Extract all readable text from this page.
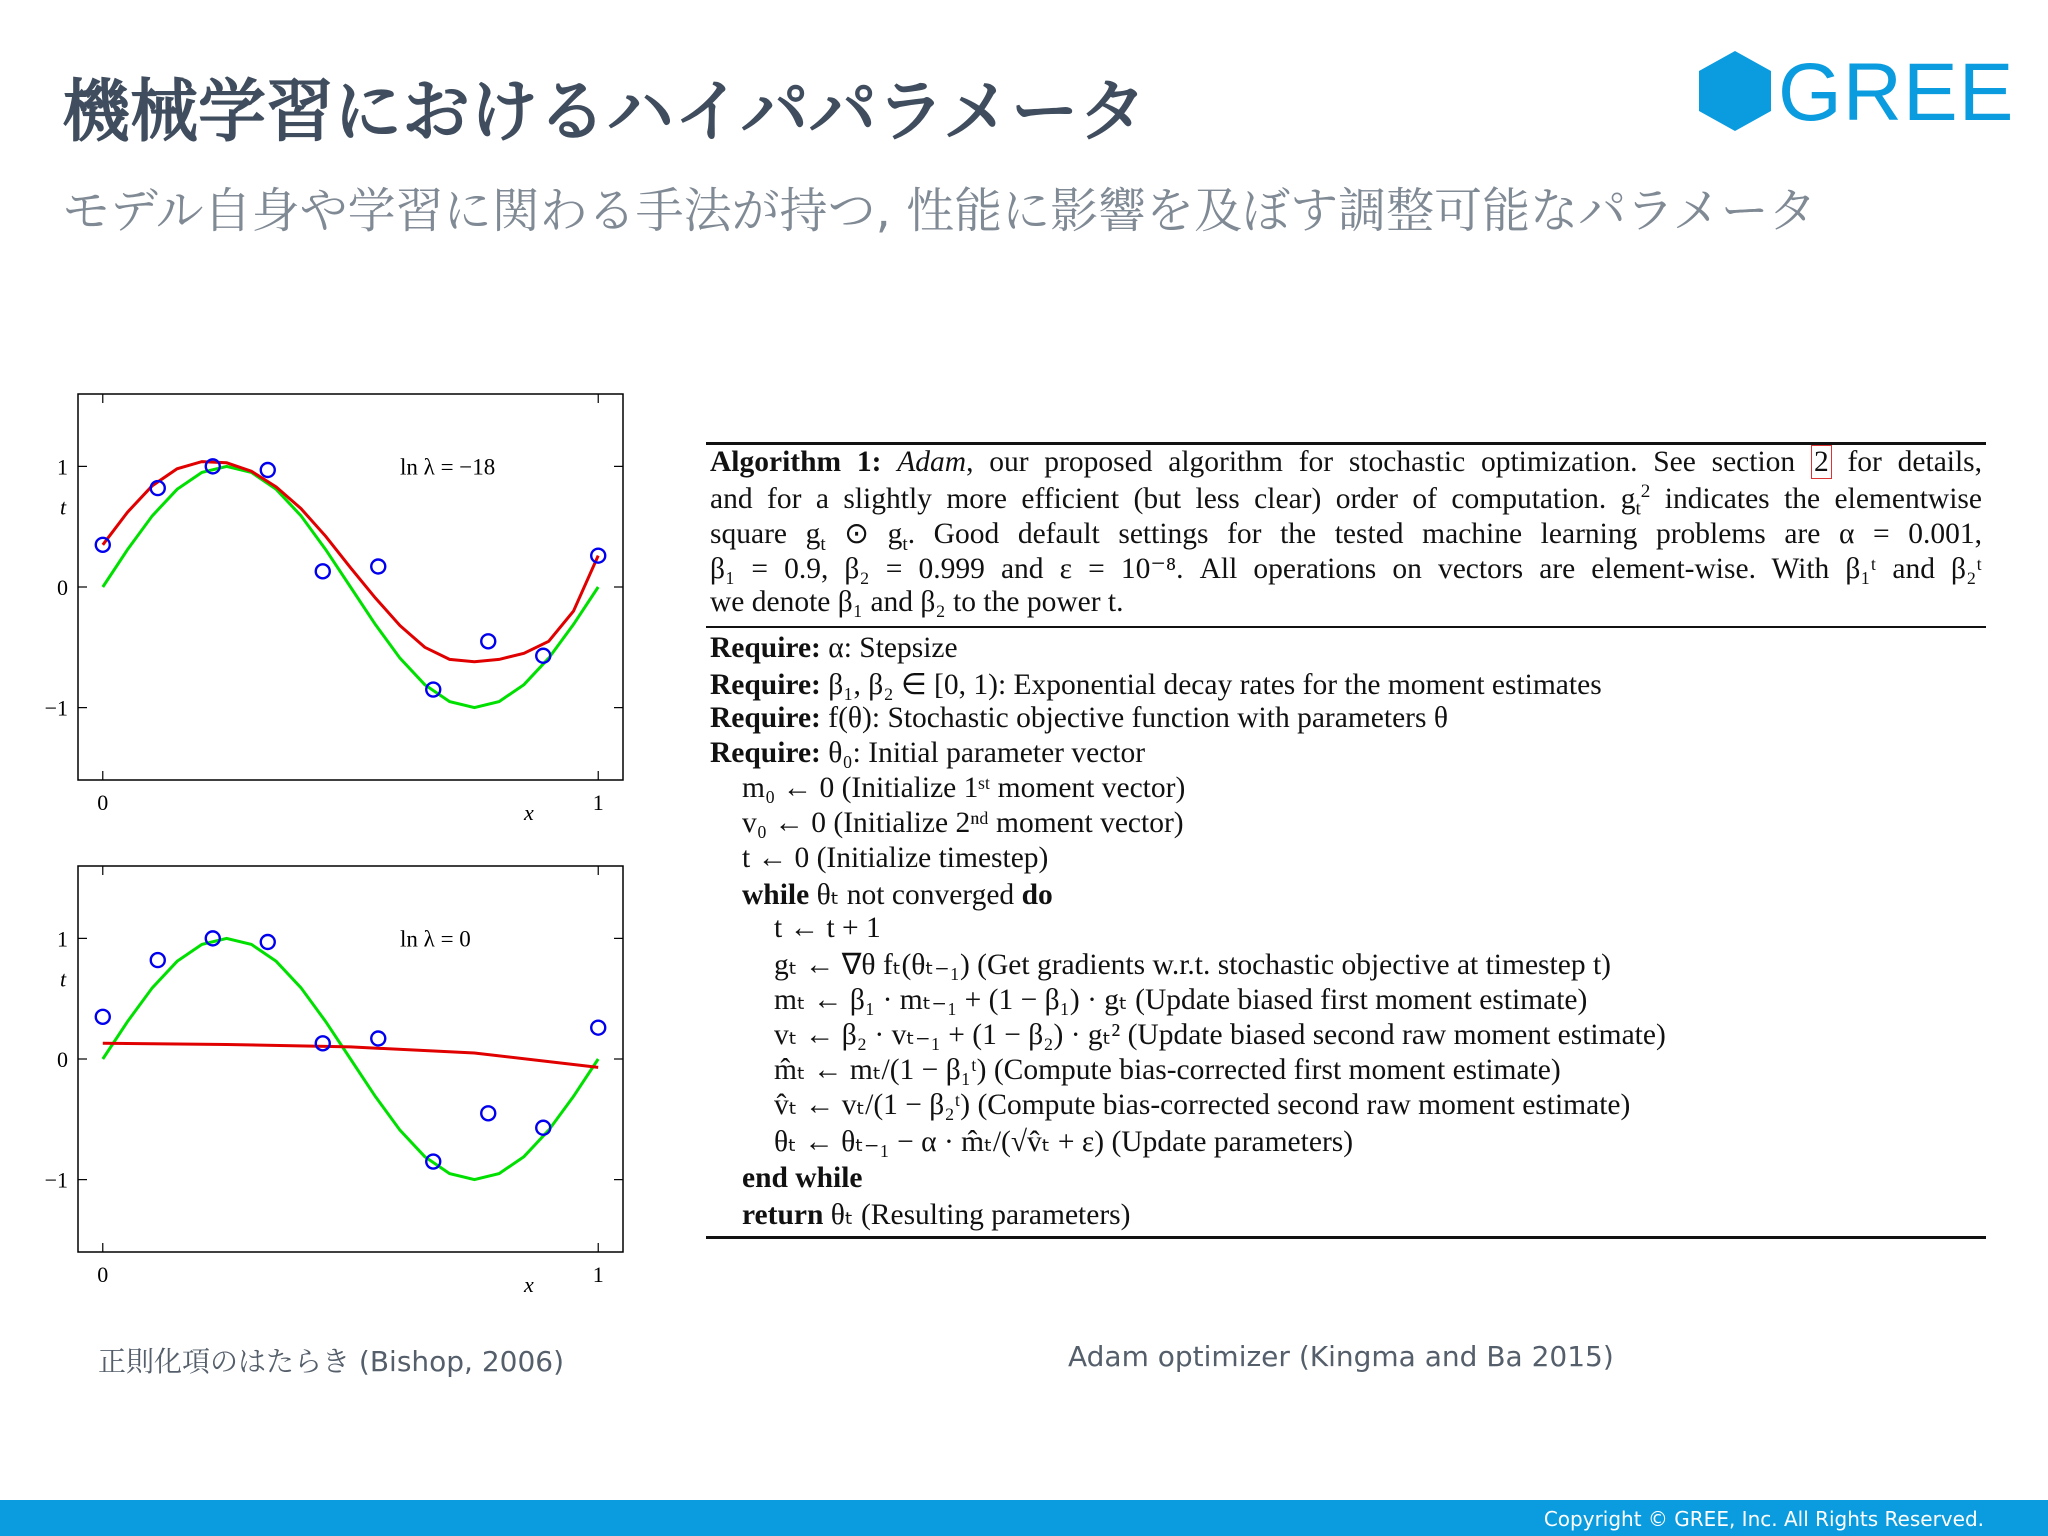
機械学習におけるハイパパラメータ
モデル自身や学習に関わる手法が持つ, 性能に影響を及ぼす調整可能なパラメータ
GREE
1
0
−1
0	1
x
t
ln λ = −18
1
0
−1
0	1
x
t
ln λ = 0
Algorithm 1: Adam, our proposed algorithm for stochastic optimization. See section 2 for details,
and for a slightly more efficient (but less clear) order of computation. $g_t^2$ indicates the elementwise
square $g_t$ ⊙ $g_t$. Good default settings for the tested machine learning problems are α = 0.001,
β₁ = 0.9, β₂ = 0.999 and ε = 10⁻⁸. All operations on vectors are element-wise. With β₁ᵗ and β₂ᵗ
we denote β₁ and β₂ to the power t.
Require: α: Stepsize
Require: β₁, β₂ ∈ [0, 1): Exponential decay rates for the moment estimates
Require: f(θ): Stochastic objective function with parameters θ
Require: θ₀: Initial parameter vector
m₀ ← 0 (Initialize 1ˢᵗ moment vector)
v₀ ← 0 (Initialize 2ⁿᵈ moment vector)
t ← 0 (Initialize timestep)
while θₜ not converged do
t ← t + 1
gₜ ← ∇θ fₜ(θₜ₋₁) (Get gradients w.r.t. stochastic objective at timestep t)
mₜ ← β₁ · mₜ₋₁ + (1 − β₁) · gₜ (Update biased first moment estimate)
vₜ ← β₂ · vₜ₋₁ + (1 − β₂) · gₜ² (Update biased second raw moment estimate)
m̂ₜ ← mₜ/(1 − β₁ᵗ) (Compute bias-corrected first moment estimate)
v̂ₜ ← vₜ/(1 − β₂ᵗ) (Compute bias-corrected second raw moment estimate)
θₜ ← θₜ₋₁ − α · m̂ₜ/(√v̂ₜ + ε) (Update parameters)
end while
return θₜ (Resulting parameters)
正則化項のはたらき (Bishop, 2006)	Adam optimizer (Kingma and Ba 2015)
Copyright © GREE, Inc. All Rights Reserved.
